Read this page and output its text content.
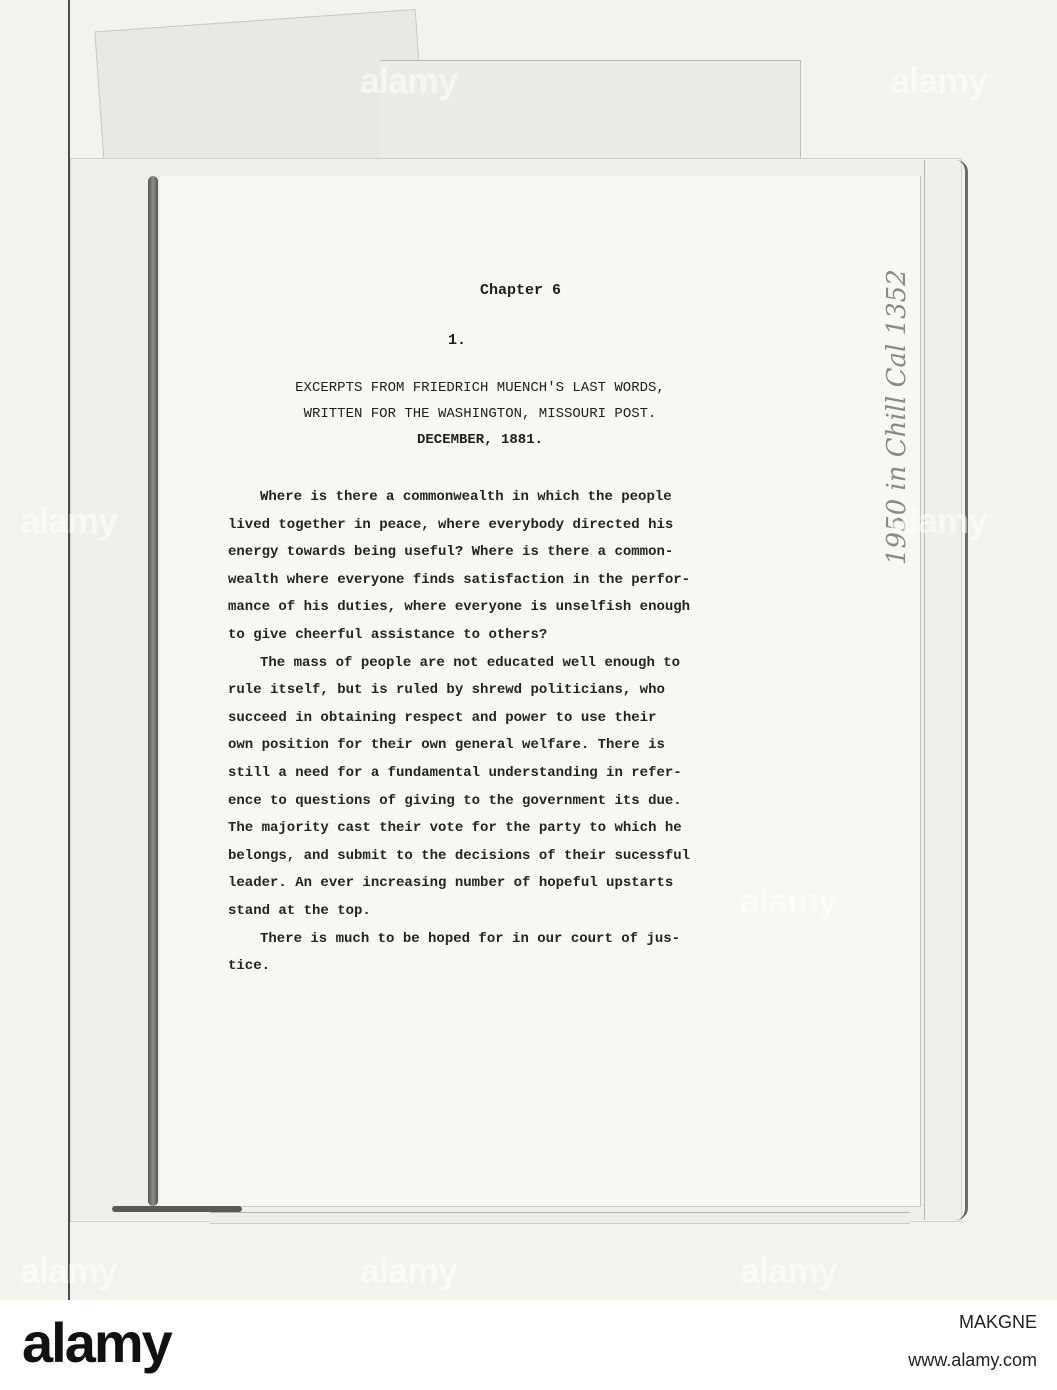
1950 in Chill Cal 1352
Chapter 6
1.

EXCERPTS FROM FRIEDRICH MUENCH'S LAST WORDS,

WRITTEN FOR THE WASHINGTON, MISSOURI POST.

DECEMBER, 1881.

Where is there a commonwealth in which the people
lived together in peace, where everybody directed his
energy towards being useful? Where is there a common-
wealth where everyone finds satisfaction in the perfor-
mance of his duties, where everyone is unselfish enough
to give cheerful assistance to others?
The mass of people are not educated well enough to
rule itself, but is ruled by shrewd politicians, who
succeed in obtaining respect and power to use their
own position for their own general welfare. There is
still a need for a fundamental understanding in refer-
ence to questions of giving to the government its due.
The majority cast their vote for the party to which he
belongs, and submit to the decisions of their sucessful
leader. An ever increasing number of hopeful upstarts
stand at the top.
There is much to be hoped for in our court of jus-
tice.
alamy
alamy	alamy
alamy
alamy
alamy	alamy	alamy
alamy	MAKGNE
www.alamy.com
